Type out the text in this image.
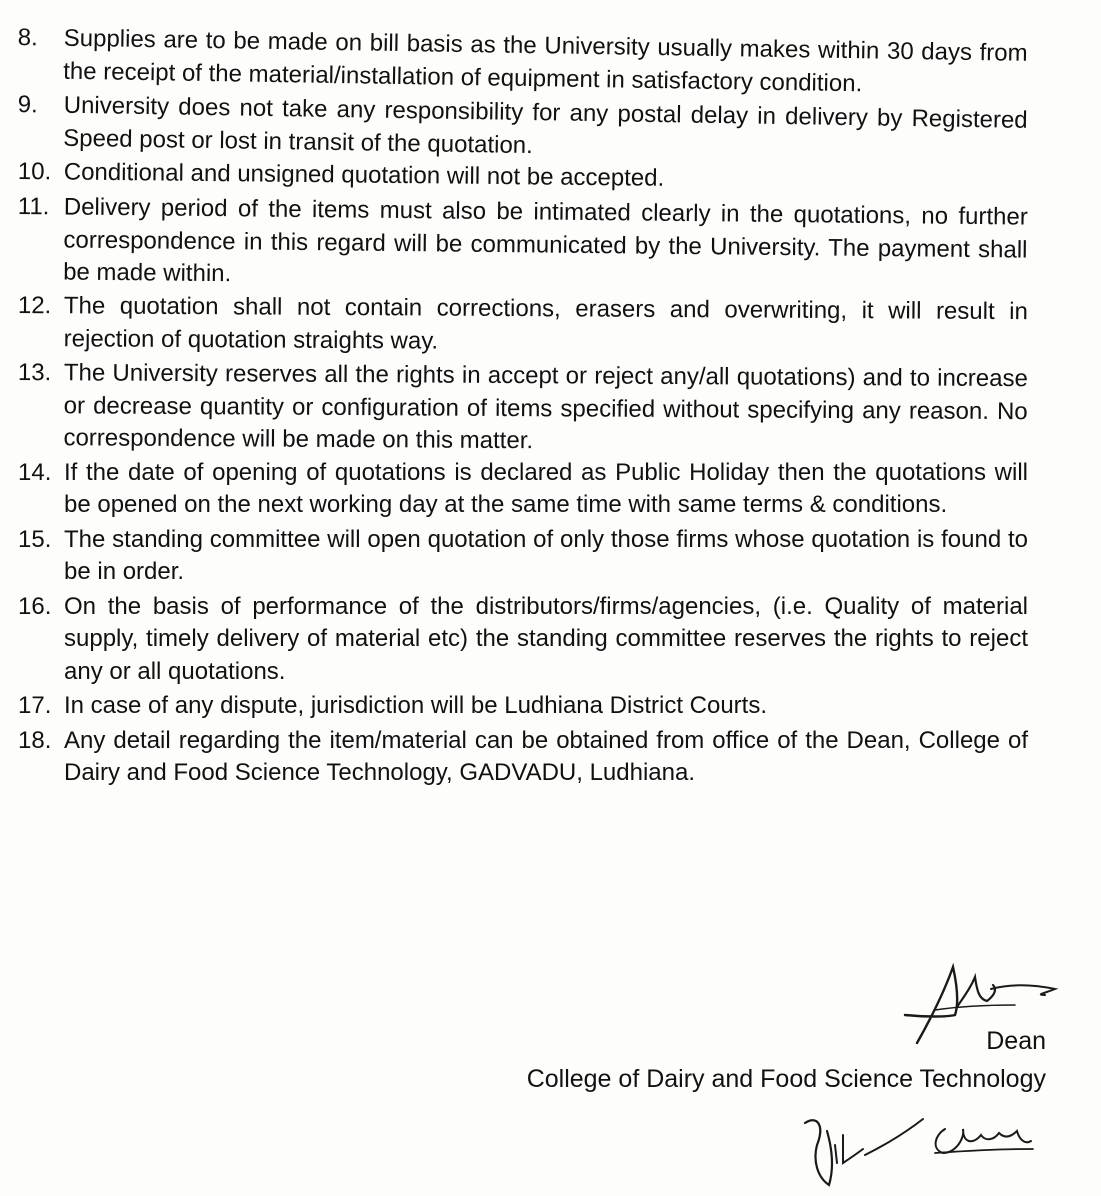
8.	Supplies are to be made on bill basis as the University usually makes within 30 days from the receipt of the material/installation of equipment in satisfactory condition.
9.	University does not take any responsibility for any postal delay in delivery by Registered Speed post or lost in transit of the quotation.
10. Conditional and unsigned quotation will not be accepted.
11. Delivery period of the items must also be intimated clearly in the quotations, no further correspondence in this regard will be communicated by the University. The payment shall be made within.
12. The quotation shall not contain corrections, erasers and overwriting, it will result in rejection of quotation straights way.
13. The University reserves all the rights in accept or reject any/all quotations) and to increase or decrease quantity or configuration of items specified without specifying any reason. No correspondence will be made on this matter.
14. If the date of opening of quotations is declared as Public Holiday then the quotations will be opened on the next working day at the same time with same terms & conditions.
15. The standing committee will open quotation of only those firms whose quotation is found to be in order.
16. On the basis of performance of the distributors/firms/agencies, (i.e. Quality of material supply, timely delivery of material etc) the standing committee reserves the rights to reject any or all quotations.
17. In case of any dispute, jurisdiction will be Ludhiana District Courts.
18. Any detail regarding the item/material can be obtained from office of the Dean, College of Dairy and Food Science Technology, GADVADU, Ludhiana.
Dean
College of Dairy and Food Science Technology
